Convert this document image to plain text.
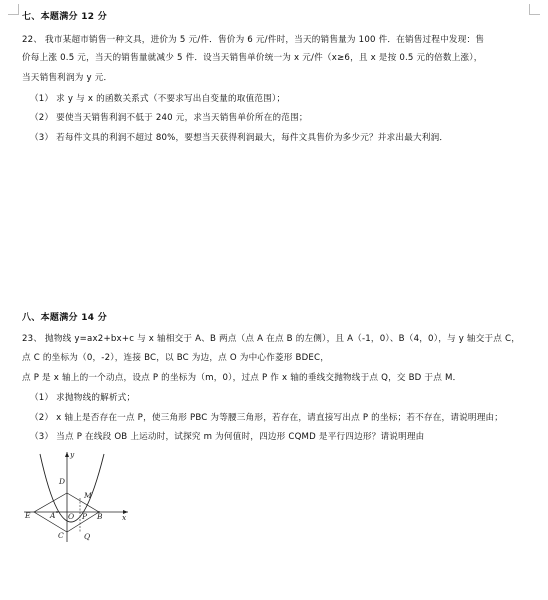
七、本题满分 12 分
22、 我市某超市销售一种文具，进价为 5 元/件．售价为 6 元/件时，当天的销售量为 100 件．在销售过程中发现：售
价每上涨 0.5 元，当天的销售量就减少 5 件．设当天销售单价统一为 x 元/件（x≥6，且 x 是按 0.5 元的倍数上涨），
当天销售利润为 y 元．
（1） 求 y 与 x 的函数关系式（不要求写出自变量的取值范围）；
（2） 要使当天销售利润不低于 240 元，求当天销售单价所在的范围；
（3） 若每件文具的利润不超过 80%，要想当天获得利润最大，每件文具售价为多少元？并求出最大利润．
八、本题满分 14 分
23、 抛物线 y=ax2+bx+c 与 x 轴相交于 A、B 两点（点 A 在点 B 的左侧），且 A（-1，0）、B（4，0），与 y 轴交于点 C，
点 C 的坐标为（0，-2），连接 BC，以 BC 为边，点 O 为中心作菱形 BDEC，
点 P 是 x 轴上的一个动点，设点 P 的坐标为（m，0），过点 P 作 x 轴的垂线交抛物线于点 Q，交 BD 于点 M．
（1） 求抛物线的解析式；
（2） x 轴上是否存在一点 P，使三角形 PBC 为等腰三角形，若存在，请直接写出点 P 的坐标；若不存在，请说明理由；
（3） 当点 P 在线段 OB 上运动时，试探究 m 为何值时，四边形 CQMD 是平行四边形？请说明理由
y
x
D
M
E	A O P B
C	Q
